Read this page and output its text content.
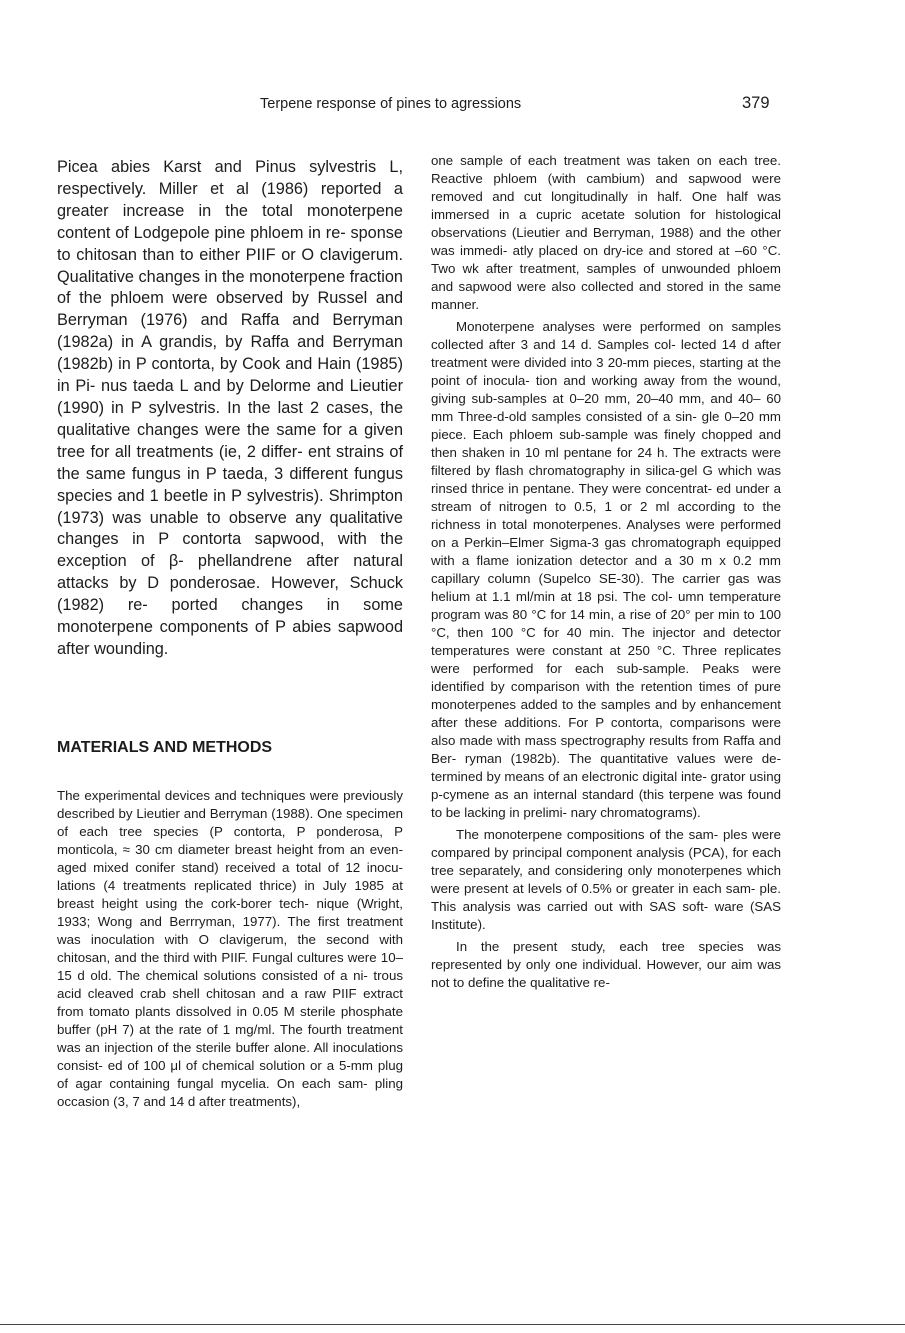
Terpene response of pines to agressions	379

Picea abies Karst and Pinus sylvestris L, respectively. Miller et al (1986) reported a greater increase in the total monoterpene content of Lodgepole pine phloem in re- sponse to chitosan than to either PIIF or O clavigerum. Qualitative changes in the monoterpene fraction of the phloem were observed by Russel and Berryman (1976) and Raffa and Berryman (1982a) in A grandis, by Raffa and Berryman (1982b) in P contorta, by Cook and Hain (1985) in Pi- nus taeda L and by Delorme and Lieutier (1990) in P sylvestris. In the last 2 cases, the qualitative changes were the same for a given tree for all treatments (ie, 2 differ- ent strains of the same fungus in P taeda, 3 different fungus species and 1 beetle in P sylvestris). Shrimpton (1973) was unable to observe any qualitative changes in P contorta sapwood, with the exception of β- phellandrene after natural attacks by D ponderosae. However, Schuck (1982) re- ported changes in some monoterpene components of P abies sapwood after wounding.

MATERIALS AND METHODS

The experimental devices and techniques were previously described by Lieutier and Berryman (1988). One specimen of each tree species (P contorta, P ponderosa, P monticola, ≈ 30 cm diameter breast height from an even-aged mixed conifer stand) received a total of 12 inocu- lations (4 treatments replicated thrice) in July 1985 at breast height using the cork-borer tech- nique (Wright, 1933; Wong and Berrryman, 1977). The first treatment was inoculation with O clavigerum, the second with chitosan, and the third with PIIF. Fungal cultures were 10–15 d old. The chemical solutions consisted of a ni- trous acid cleaved crab shell chitosan and a raw PIIF extract from tomato plants dissolved in 0.05 M sterile phosphate buffer (pH 7) at the rate of 1 mg/ml. The fourth treatment was an injection of the sterile buffer alone. All inoculations consist- ed of 100 μl of chemical solution or a 5-mm plug of agar containing fungal mycelia. On each sam- pling occasion (3, 7 and 14 d after treatments),

one sample of each treatment was taken on each tree. Reactive phloem (with cambium) and sapwood were removed and cut longitudinally in half. One half was immersed in a cupric acetate solution for histological observations (Lieutier and Berryman, 1988) and the other was immedi- atly placed on dry-ice and stored at –60 °C. Two wk after treatment, samples of unwounded phloem and sapwood were also collected and stored in the same manner.

Monoterpene analyses were performed on samples collected after 3 and 14 d. Samples col- lected 14 d after treatment were divided into 3 20-mm pieces, starting at the point of inocula- tion and working away from the wound, giving sub-samples at 0–20 mm, 20–40 mm, and 40– 60 mm Three-d-old samples consisted of a sin- gle 0–20 mm piece. Each phloem sub-sample was finely chopped and then shaken in 10 ml pentane for 24 h. The extracts were filtered by flash chromatography in silica-gel G which was rinsed thrice in pentane. They were concentrat- ed under a stream of nitrogen to 0.5, 1 or 2 ml according to the richness in total monoterpenes. Analyses were performed on a Perkin–Elmer Sigma-3 gas chromatograph equipped with a flame ionization detector and a 30 m x 0.2 mm capillary column (Supelco SE-30). The carrier gas was helium at 1.1 ml/min at 18 psi. The col- umn temperature program was 80 °C for 14 min, a rise of 20° per min to 100 °C, then 100 °C for 40 min. The injector and detector temperatures were constant at 250 °C. Three replicates were performed for each sub-sample. Peaks were identified by comparison with the retention times of pure monoterpenes added to the samples and by enhancement after these additions. For P contorta, comparisons were also made with mass spectrography results from Raffa and Ber- ryman (1982b). The quantitative values were de- termined by means of an electronic digital inte- grator using p-cymene as an internal standard (this terpene was found to be lacking in prelimi- nary chromatograms).

The monoterpene compositions of the sam- ples were compared by principal component analysis (PCA), for each tree separately, and considering only monoterpenes which were present at levels of 0.5% or greater in each sam- ple. This analysis was carried out with SAS soft- ware (SAS Institute).

In the present study, each tree species was represented by only one individual. However, our aim was not to define the qualitative re-
